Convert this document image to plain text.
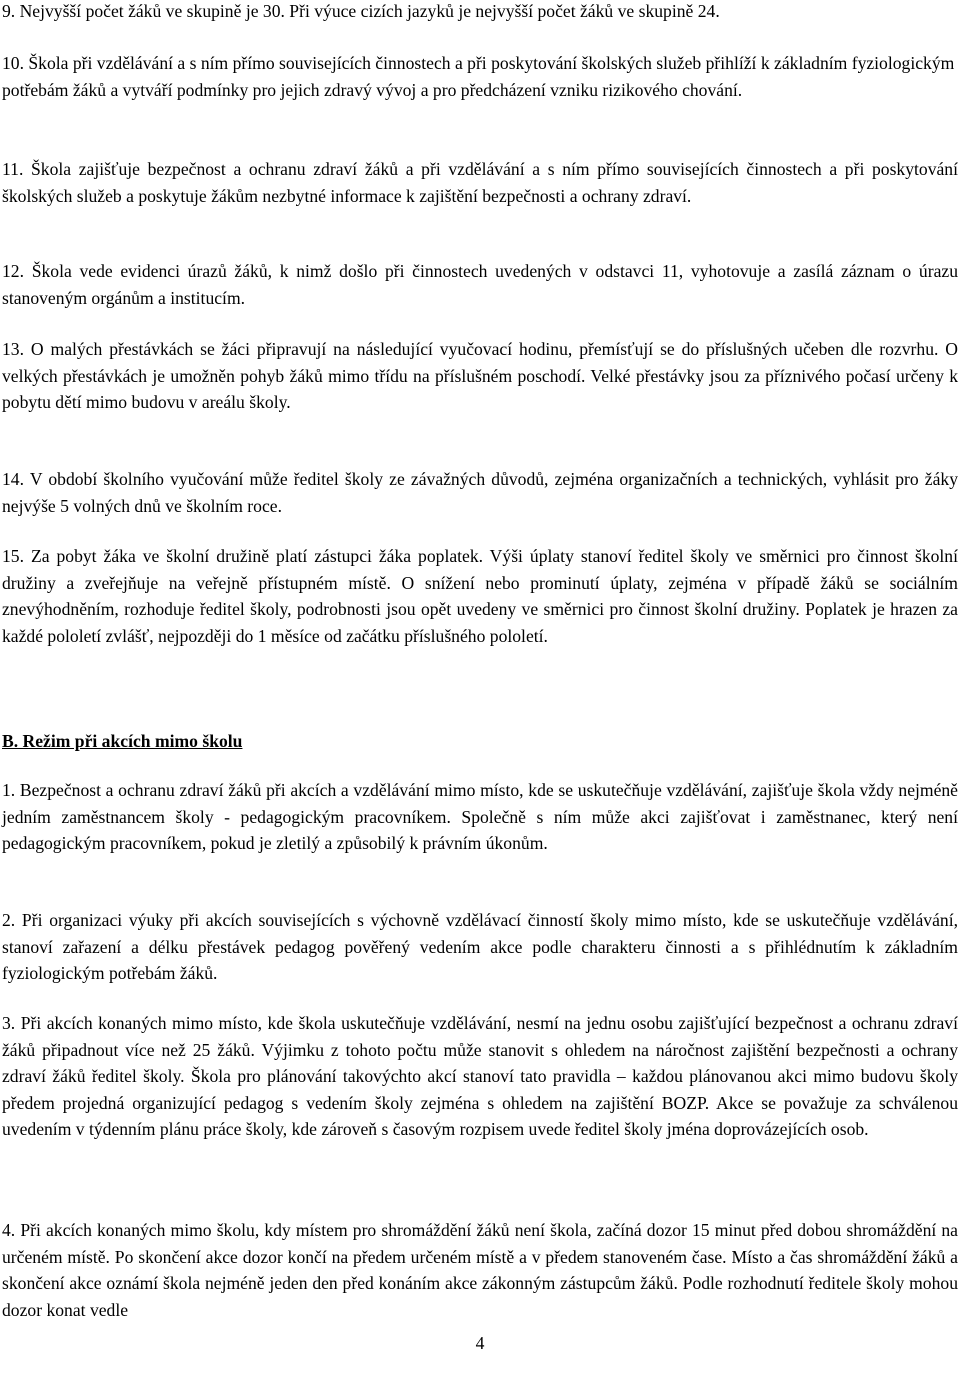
9. Nejvyšší počet žáků ve skupině je 30. Při výuce cizích jazyků je nejvyšší počet žáků ve skupině 24.

10. Škola při vzdělávání a s ním přímo souvisejících činnostech a při poskytování školských služeb přihlíží k základním fyziologickým potřebám žáků a vytváří podmínky pro jejich zdravý vývoj a pro předcházení vzniku rizikového chování.

11. Škola zajišťuje bezpečnost a ochranu zdraví žáků a při vzdělávání a s ním přímo souvisejících činnostech a při poskytování školských služeb a poskytuje žákům nezbytné informace k zajištění bezpečnosti a ochrany zdraví.

12. Škola vede evidenci úrazů žáků, k nimž došlo při činnostech uvedených v odstavci 11, vyhotovuje a zasílá záznam o úrazu stanoveným orgánům a institucím.

13. O malých přestávkách se žáci připravují na následující vyučovací hodinu, přemísťují se do příslušných učeben dle rozvrhu. O velkých přestávkách je umožněn pohyb žáků mimo třídu na příslušném poschodí. Velké přestávky jsou za příznivého počasí určeny k pobytu dětí mimo budovu v areálu školy.

14. V období školního vyučování může ředitel školy ze závažných důvodů, zejména organizačních a technických, vyhlásit pro žáky nejvýše 5 volných dnů ve školním roce.

15. Za pobyt žáka ve školní družině platí zástupci žáka poplatek. Výši úplaty stanoví ředitel školy ve směrnici pro činnost školní družiny a zveřejňuje na veřejně přístupném místě. O snížení nebo prominutí úplaty, zejména v případě žáků se sociálním znevýhodněním, rozhoduje ředitel školy, podrobnosti jsou opět uvedeny ve směrnici pro činnost školní družiny. Poplatek je hrazen za každé pololetí zvlášť, nejpozději do 1 měsíce od začátku příslušného pololetí.

B. Režim při akcích mimo školu

1. Bezpečnost a ochranu zdraví žáků při akcích a vzdělávání mimo místo, kde se uskutečňuje vzdělávání, zajišťuje škola vždy nejméně jedním zaměstnancem školy - pedagogickým pracovníkem. Společně s ním může akci zajišťovat i zaměstnanec, který není pedagogickým pracovníkem, pokud je zletilý a způsobilý k právním úkonům.

2. Při organizaci výuky při akcích souvisejících s výchovně vzdělávací činností školy mimo místo, kde se uskutečňuje vzdělávání, stanoví zařazení a délku přestávek pedagog pověřený vedením akce podle charakteru činnosti a s přihlédnutím k základním fyziologickým potřebám žáků.

3. Při akcích konaných mimo místo, kde škola uskutečňuje vzdělávání, nesmí na jednu osobu zajišťující bezpečnost a ochranu zdraví žáků připadnout více než 25 žáků. Výjimku z tohoto počtu může stanovit s ohledem na náročnost zajištění bezpečnosti a ochrany zdraví žáků ředitel školy. Škola pro plánování takovýchto akcí stanoví tato pravidla – každou plánovanou akci mimo budovu školy předem projedná organizující pedagog s vedením školy zejména s ohledem na zajištění BOZP. Akce se považuje za schválenou uvedením v týdenním plánu práce školy, kde zároveň s časovým rozpisem uvede ředitel školy jména doprovázejících osob.

4. Při akcích konaných mimo školu, kdy místem pro shromáždění žáků není škola, začíná dozor 15 minut před dobou shromáždění na určeném místě. Po skončení akce dozor končí na předem určeném místě a v předem stanoveném čase. Místo a čas shromáždění žáků a skončení akce oznámí škola nejméně jeden den před konáním akce zákonným zástupcům žáků. Podle rozhodnutí ředitele školy mohou dozor konat vedle

4
